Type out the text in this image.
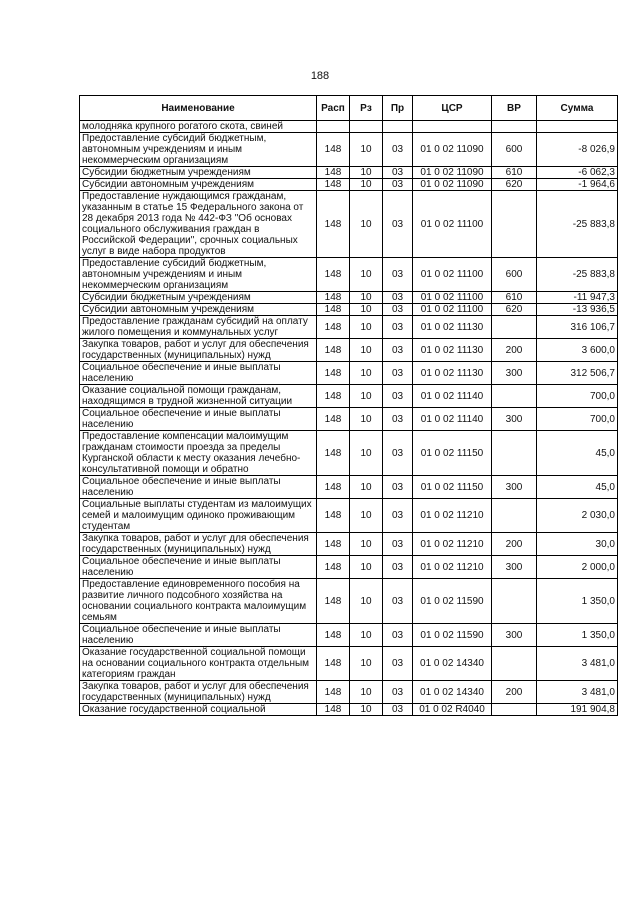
188
Наименование	Расп	Рз	Пр	ЦСР	ВР	Сумма
молодняка крупного рогатого скота, свиней						
Предоставление субсидий бюджетным, автономным учреждениям и иным некоммерческим организациям	148	10	03	01 0 02 11090	600	-8 026,9
Субсидии бюджетным учреждениям	148	10	03	01 0 02 11090	610	-6 062,3
Субсидии автономным учреждениям	148	10	03	01 0 02 11090	620	-1 964,6
Предоставление нуждающимся гражданам, указанным в статье 15 Федерального закона от 28 декабря 2013 года № 442-ФЗ "Об основах социального обслуживания граждан в Российской Федерации", срочных социальных услуг в виде набора продуктов	148	10	03	01 0 02 11100		-25 883,8
Предоставление субсидий бюджетным, автономным учреждениям и иным некоммерческим организациям	148	10	03	01 0 02 11100	600	-25 883,8
Субсидии бюджетным учреждениям	148	10	03	01 0 02 11100	610	-11 947,3
Субсидии автономным учреждениям	148	10	03	01 0 02 11100	620	-13 936,5
Предоставление гражданам субсидий на оплату жилого помещения и коммунальных услуг	148	10	03	01 0 02 11130		316 106,7
Закупка товаров, работ и услуг для обеспечения государственных (муниципальных) нужд	148	10	03	01 0 02 11130	200	3 600,0
Социальное обеспечение и иные выплаты населению	148	10	03	01 0 02 11130	300	312 506,7
Оказание социальной помощи гражданам, находящимся в трудной жизненной ситуации	148	10	03	01 0 02 11140		700,0
Социальное обеспечение и иные выплаты населению	148	10	03	01 0 02 11140	300	700,0
Предоставление компенсации малоимущим гражданам стоимости проезда за пределы Курганской области к месту оказания лечебно-консультативной помощи и обратно	148	10	03	01 0 02 11150		45,0
Социальное обеспечение и иные выплаты населению	148	10	03	01 0 02 11150	300	45,0
Социальные выплаты студентам из малоимущих семей и малоимущим одиноко проживающим студентам	148	10	03	01 0 02 11210		2 030,0
Закупка товаров, работ и услуг для обеспечения государственных (муниципальных) нужд	148	10	03	01 0 02 11210	200	30,0
Социальное обеспечение и иные выплаты населению	148	10	03	01 0 02 11210	300	2 000,0
Предоставление единовременного пособия на развитие личного подсобного хозяйства на основании социального контракта малоимущим семьям	148	10	03	01 0 02 11590		1 350,0
Социальное обеспечение и иные выплаты населению	148	10	03	01 0 02 11590	300	1 350,0
Оказание государственной социальной помощи на основании социального контракта отдельным категориям граждан	148	10	03	01 0 02 14340		3 481,0
Закупка товаров, работ и услуг для обеспечения государственных (муниципальных) нужд	148	10	03	01 0 02 14340	200	3 481,0
Оказание государственной социальной	148	10	03	01 0 02 R4040		191 904,8
